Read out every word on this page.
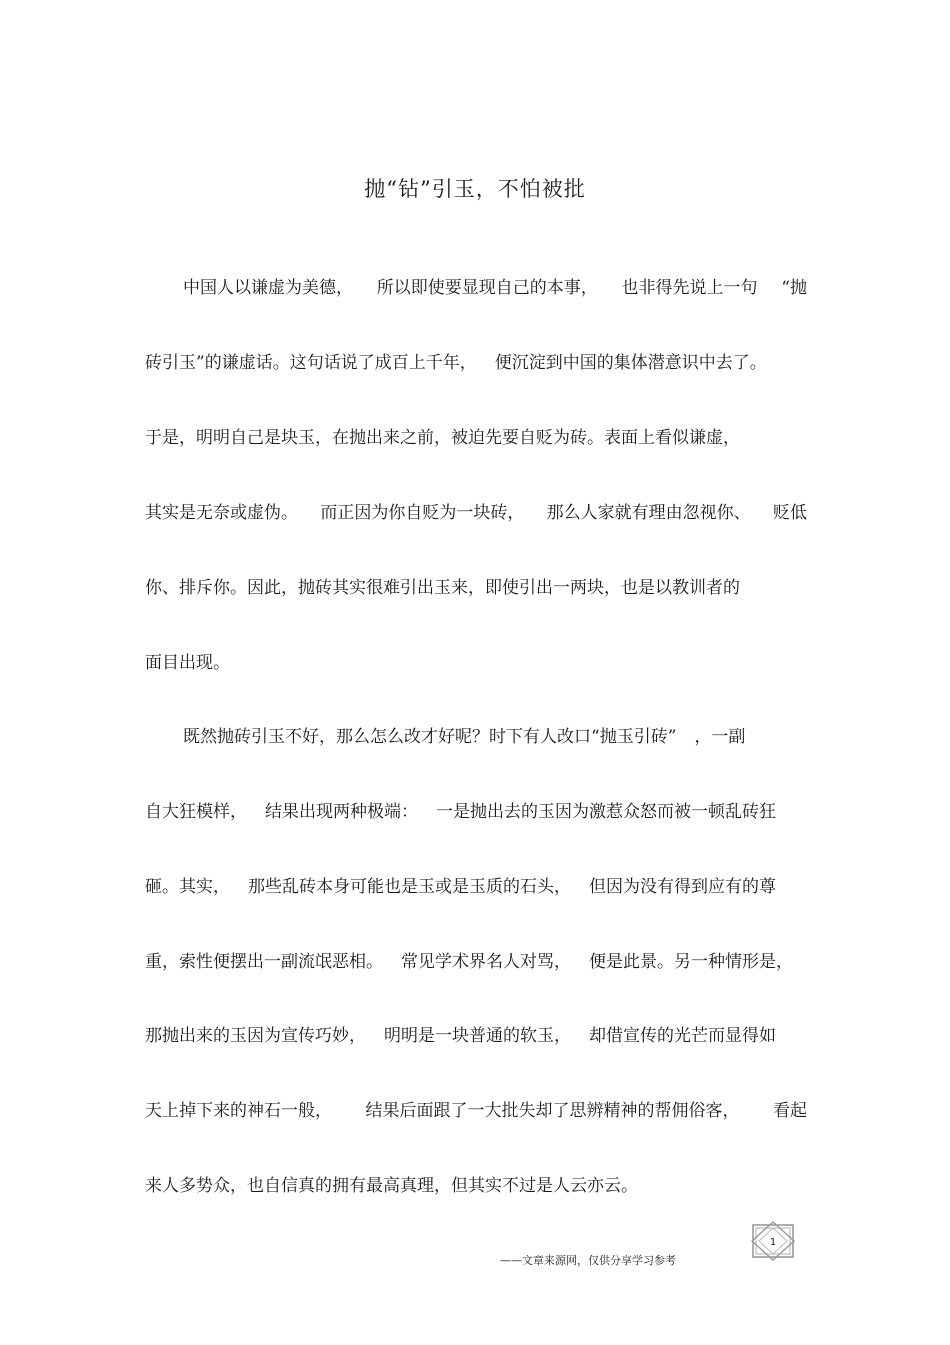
抛“钻”引玉，不怕被批
中国人以谦虚为美德， 所以即使要显现自己的本事， 也非得先说上一句 “抛
砖引玉”的谦虚话。这句话说了成百上千年， 便沉淀到中国的集体潜意识中去了。
于是，明明自己是块玉，在抛出来之前，被迫先要自贬为砖。表面上看似谦虚，
其实是无奈或虚伪。 而正因为你自贬为一块砖， 那么人家就有理由忽视你、 贬低
你、排斥你。因此，抛砖其实很难引出玉来，即使引出一两块，也是以教训者的
面目出现。
既然抛砖引玉不好，那么怎么改才好呢？时下有人改口“抛玉引砖” ，一副
自大狂模样， 结果出现两种极端： 一是抛出去的玉因为激惹众怒而被一顿乱砖狂
砸。其实， 那些乱砖本身可能也是玉或是玉质的石头， 但因为没有得到应有的尊
重，索性便摆出一副流氓恶相。 常见学术界名人对骂， 便是此景。另一种情形是，
那抛出来的玉因为宣传巧妙， 明明是一块普通的软玉， 却借宣传的光芒而显得如
天上掉下来的神石一般， 结果后面跟了一大批失却了思辨精神的帮佣俗客， 看起
来人多势众，也自信真的拥有最高真理，但其实不过是人云亦云。
1
——文章来源网，仅供分享学习参考
